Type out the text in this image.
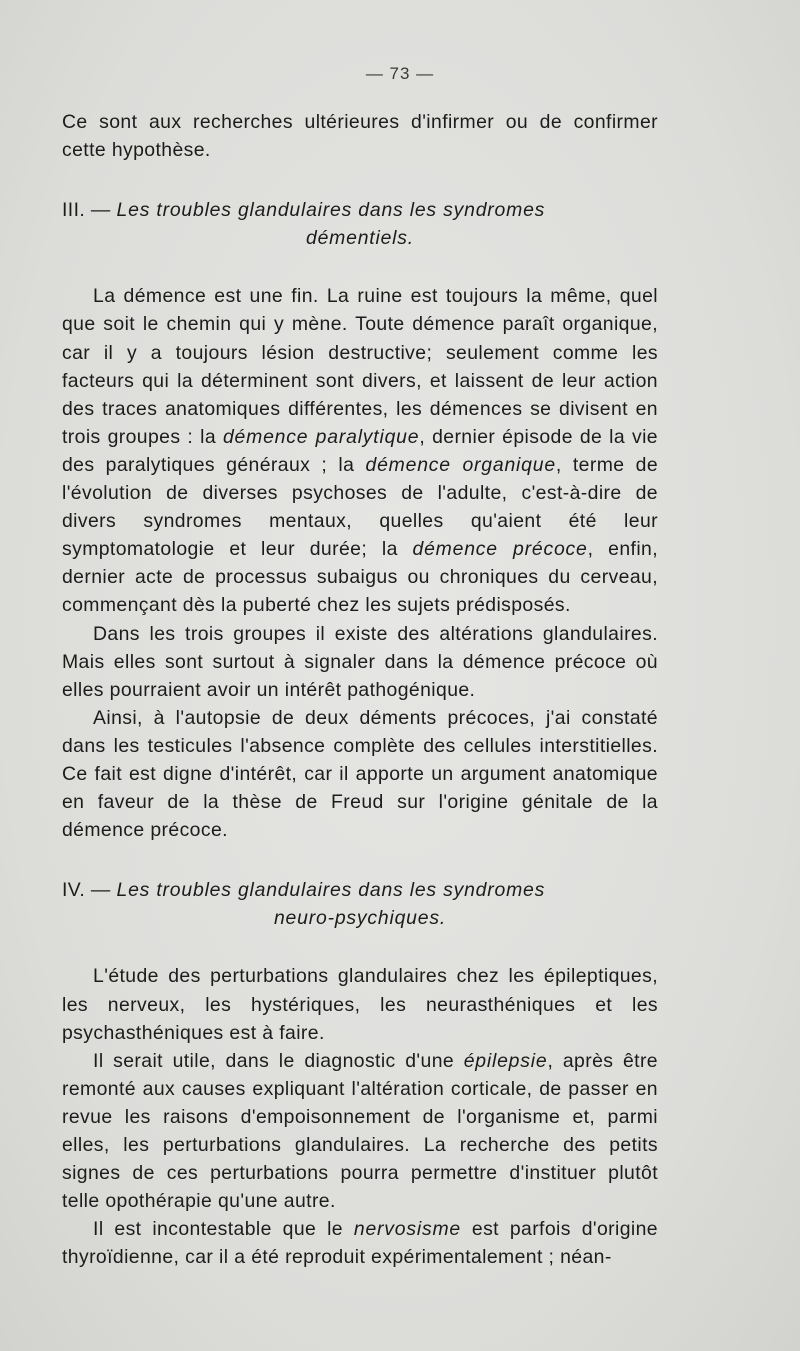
— 73 —

Ce sont aux recherches ultérieures d'infirmer ou de confirmer cette hypothèse.

III. — Les troubles glandulaires dans les syndromes
démentiels.

La démence est une fin. La ruine est toujours la même, quel que soit le chemin qui y mène. Toute démence paraît organique, car il y a toujours lésion destructive; seulement comme les facteurs qui la déterminent sont divers, et laissent de leur action des traces anatomiques différentes, les démences se divisent en trois groupes : la démence paralytique, dernier épisode de la vie des paralytiques généraux ; la démence organique, terme de l'évolution de diverses psychoses de l'adulte, c'est-à-dire de divers syndromes mentaux, quelles qu'aient été leur symptomatologie et leur durée; la démence précoce, enfin, dernier acte de processus subaigus ou chroniques du cerveau, commençant dès la puberté chez les sujets prédisposés.

Dans les trois groupes il existe des altérations glandulaires. Mais elles sont surtout à signaler dans la démence précoce où elles pourraient avoir un intérêt pathogénique.

Ainsi, à l'autopsie de deux déments précoces, j'ai constaté dans les testicules l'absence complète des cellules interstitielles. Ce fait est digne d'intérêt, car il apporte un argument anatomique en faveur de la thèse de Freud sur l'origine génitale de la démence précoce.

IV. — Les troubles glandulaires dans les syndromes
neuro-psychiques.

L'étude des perturbations glandulaires chez les épileptiques, les nerveux, les hystériques, les neurasthéniques et les psychasthéniques est à faire.

Il serait utile, dans le diagnostic d'une épilepsie, après être remonté aux causes expliquant l'altération corticale, de passer en revue les raisons d'empoisonnement de l'organisme et, parmi elles, les perturbations glandulaires. La recherche des petits signes de ces perturbations pourra permettre d'instituer plutôt telle opothérapie qu'une autre.

Il est incontestable que le nervosisme est parfois d'origine thyroïdienne, car il a été reproduit expérimentalement ; néan-
